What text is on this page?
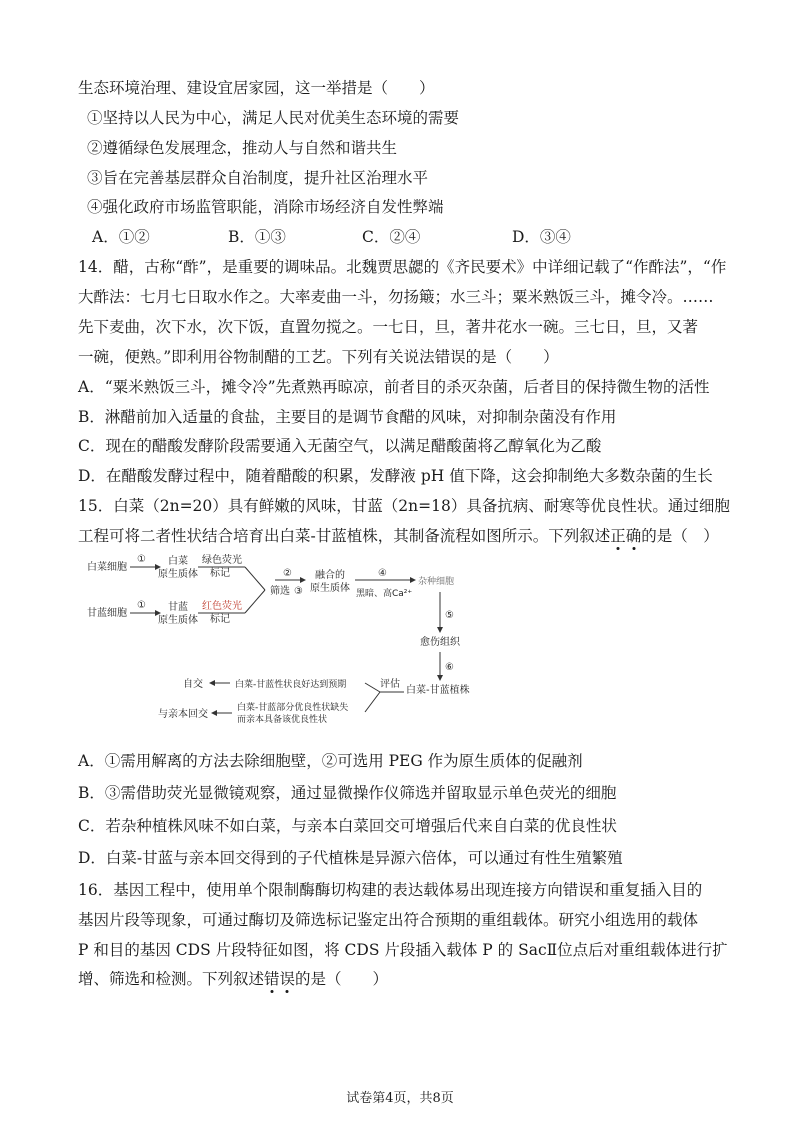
生态环境治理、建设宜居家园，这一举措是（　　）
①坚持以人民为中心，满足人民对优美生态环境的需要
②遵循绿色发展理念，推动人与自然和谐共生
③旨在完善基层群众自治制度，提升社区治理水平
④强化政府市场监管职能，消除市场经济自发性弊端
A．①②	B．①③	C．②④	D．③④
14．醋，古称“酢”，是重要的调味品。北魏贾思勰的《齐民要术》中详细记载了“作酢法”，“作
大酢法：七月七日取水作之。大率麦曲一斗，勿扬簸；水三斗；粟米熟饭三斗，摊令冷。……
先下麦曲，次下水，次下饭，直置勿搅之。一七日，旦，著井花水一碗。三七日，旦，又著
一碗，便熟。”即利用谷物制醋的工艺。下列有关说法错误的是（　　）
A．“粟米熟饭三斗，摊令冷”先煮熟再晾凉，前者目的杀灭杂菌，后者目的保持微生物的活性
B．淋醋前加入适量的食盐，主要目的是调节食醋的风味，对抑制杂菌没有作用
C．现在的醋酸发酵阶段需要通入无菌空气，以满足醋酸菌将乙醇氧化为乙酸
D．在醋酸发酵过程中，随着醋酸的积累，发酵液 pH 值下降，这会抑制绝大多数杂菌的生长
15．白菜（2n=20）具有鲜嫩的风味，甘蓝（2n=18）具备抗病、耐寒等优良性状。通过细胞
工程可将二者性状结合培育出白菜-甘蓝植株，其制备流程如图所示。下列叙述正确的是（　）
白菜细胞
① 白菜
原生质体
绿色荧光
标记
甘蓝细胞
① 甘蓝
原生质体
红色荧光
标记
筛选 ③
② 融合的
原生质体
④
黑暗、高Ca²⁺
杂种细胞
⑤
愈伤组织
⑥
白菜-甘蓝植株
评估
白菜-甘蓝性状良好达到预期
自交
白菜-甘蓝部分优良性状缺失
而亲本具备该优良性状
与亲本回交
A．①需用解离的方法去除细胞壁，②可选用 PEG 作为原生质体的促融剂
B．③需借助荧光显微镜观察，通过显微操作仪筛选并留取显示单色荧光的细胞
C．若杂种植株风味不如白菜，与亲本白菜回交可增强后代来自白菜的优良性状
D．白菜-甘蓝与亲本回交得到的子代植株是异源六倍体，可以通过有性生殖繁殖
16．基因工程中，使用单个限制酶酶切构建的表达载体易出现连接方向错误和重复插入目的
基因片段等现象，可通过酶切及筛选标记鉴定出符合预期的重组载体。研究小组选用的载体
P 和目的基因 CDS 片段特征如图，将 CDS 片段插入载体 P 的 SacⅡ位点后对重组载体进行扩
增、筛选和检测。下列叙述错误的是（　　）
试卷第4页，共8页
